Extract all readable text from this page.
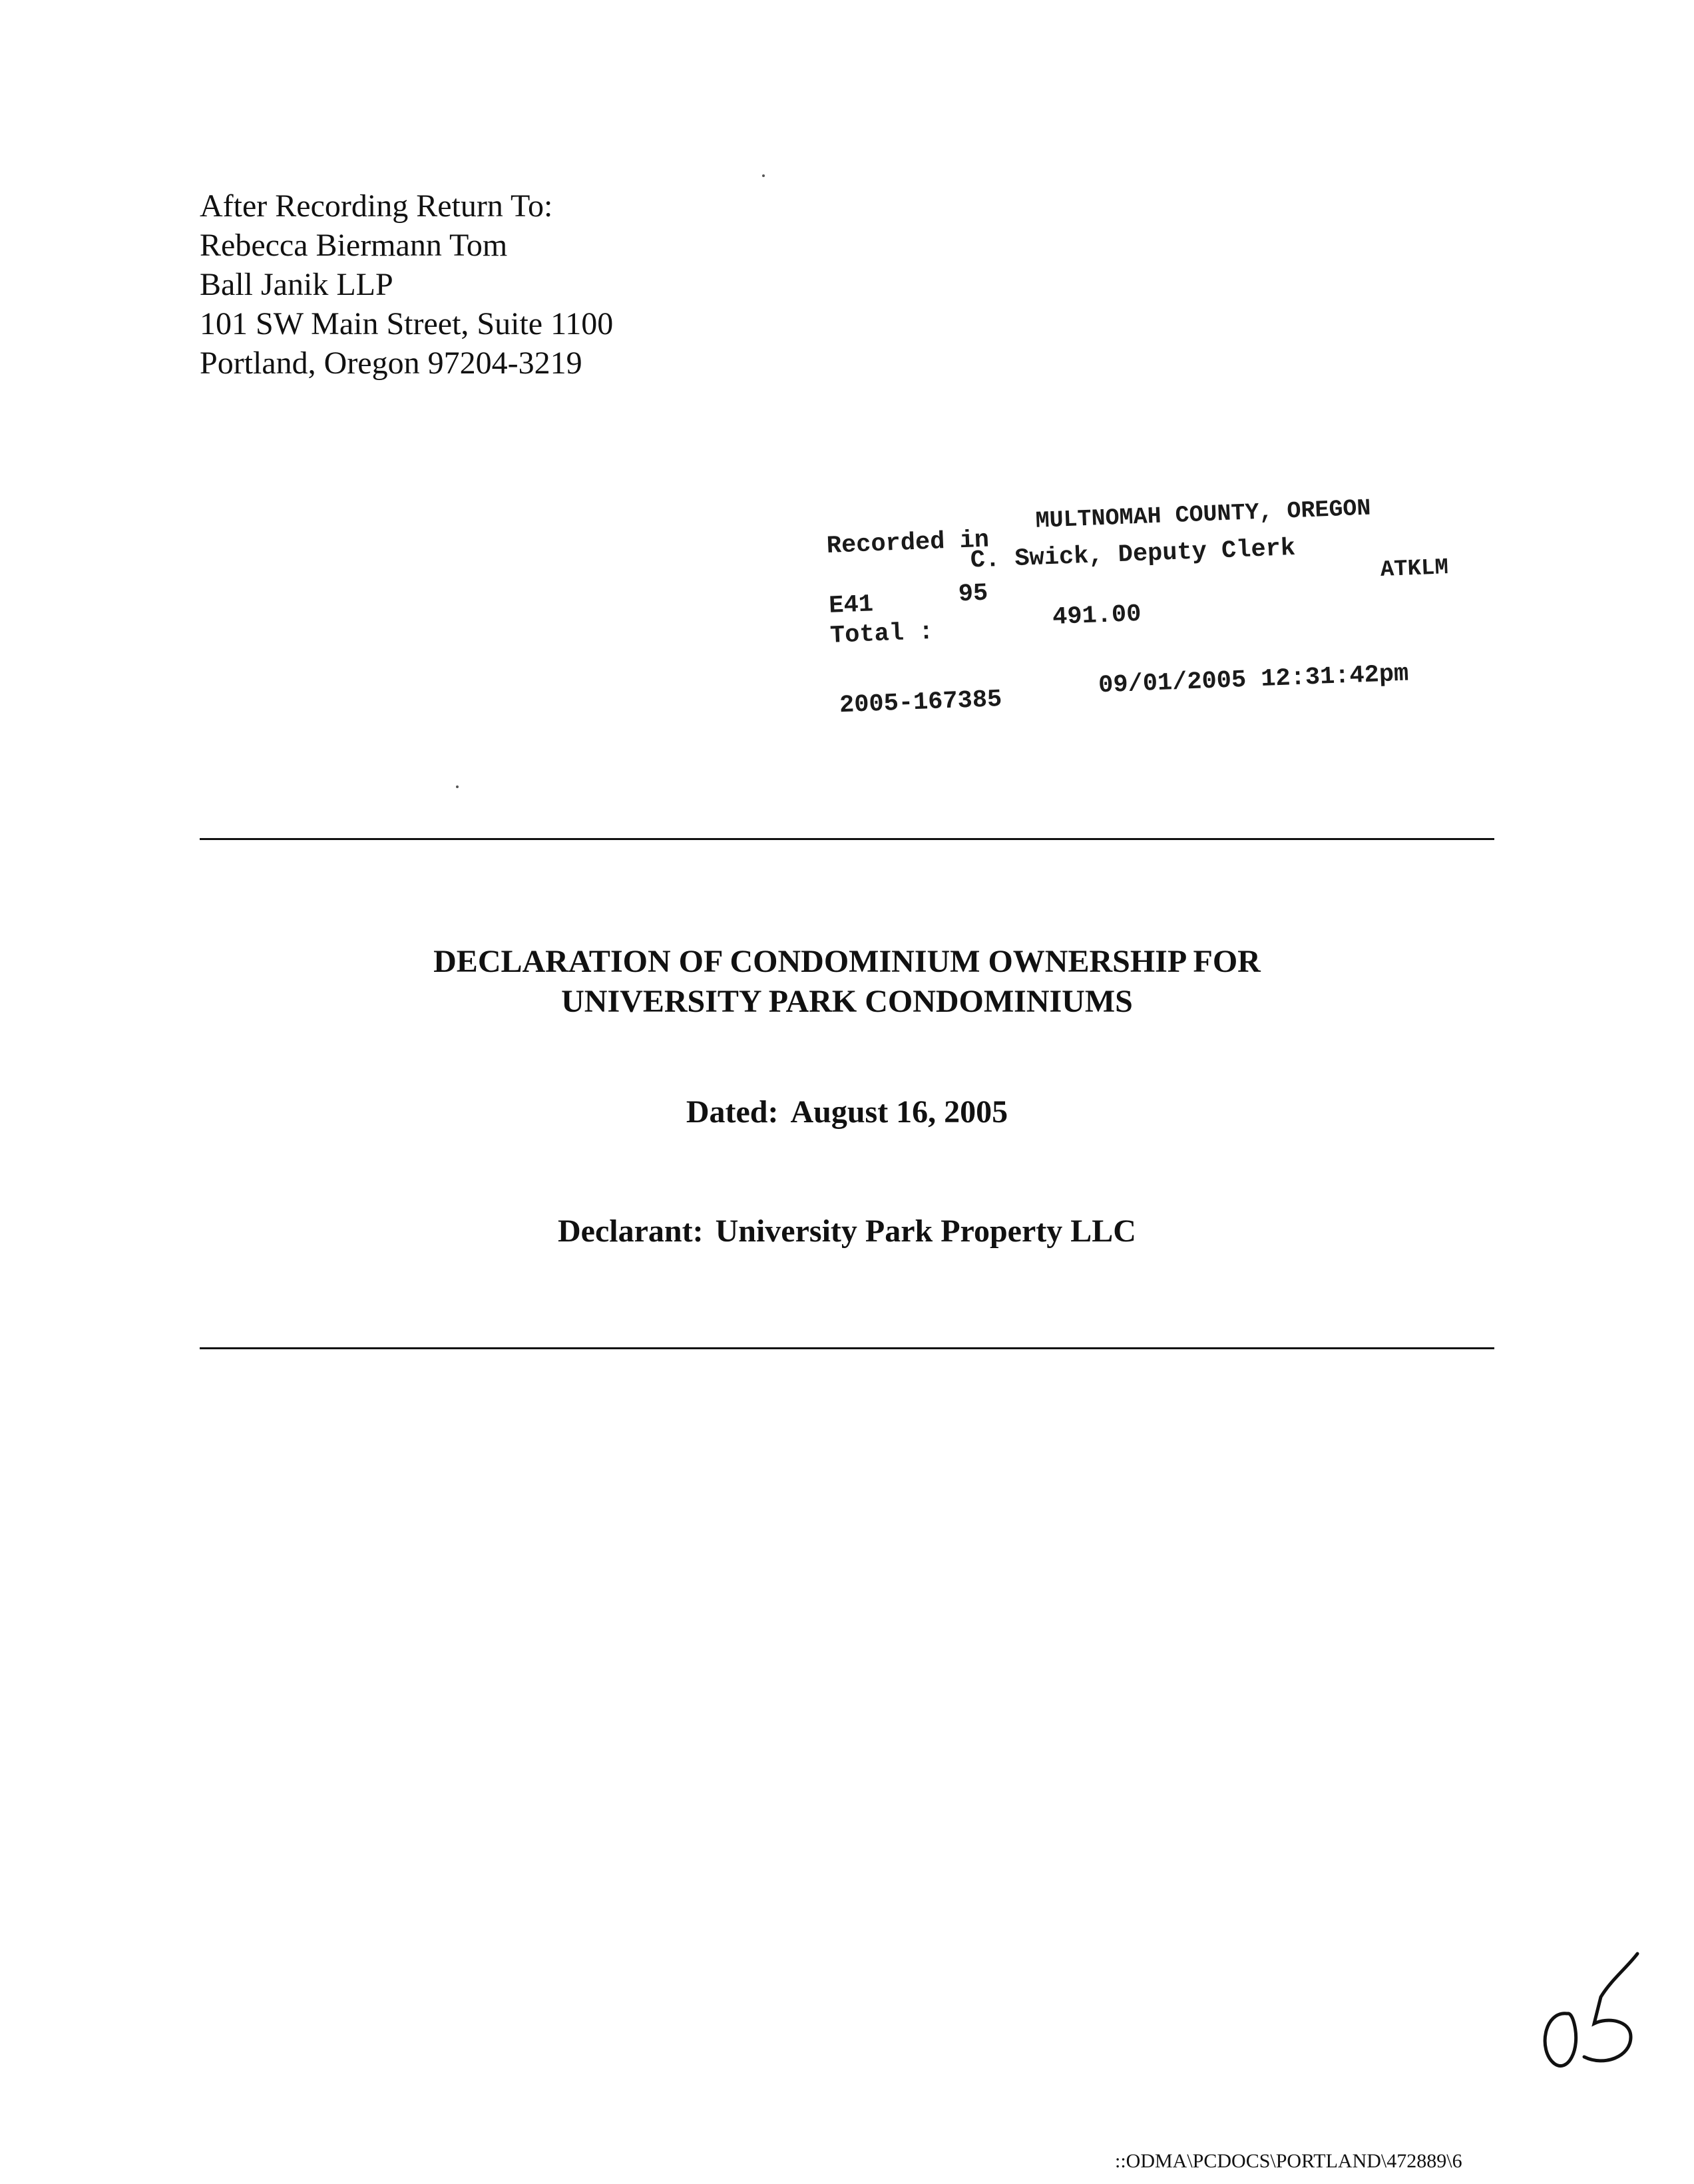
After Recording Return To:
Rebecca Biermann Tom
Ball Janik LLP
101 SW Main Street, Suite 1100
Portland, Oregon 97204-3219
Recorded in
MULTNOMAH COUNTY, OREGON
C. Swick, Deputy Clerk	ATKLM
E41	95
Total :
491.00
2005-167385
09/01/2005 12:31:42pm
DECLARATION OF CONDOMINIUM OWNERSHIP FOR
UNIVERSITY PARK CONDOMINIUMS
Dated: August 16, 2005
Declarant: University Park Property LLC
::ODMA\PCDOCS\PORTLAND\472889\6
